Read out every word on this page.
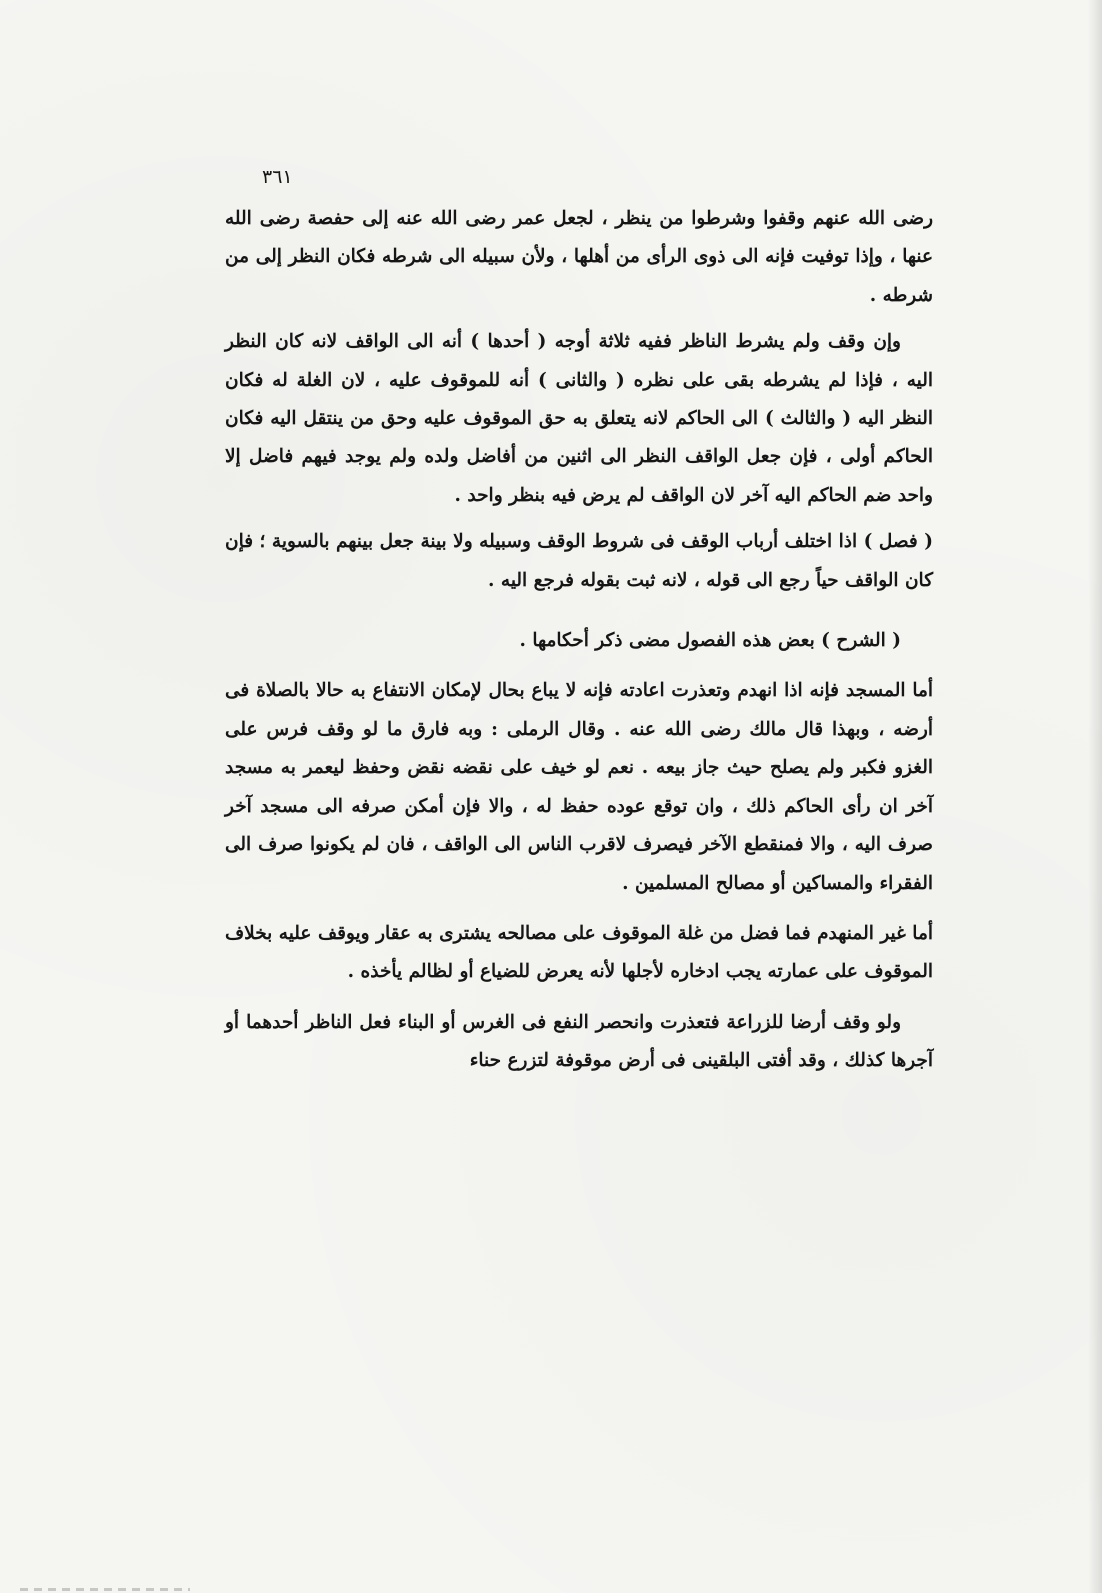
٣٦١

رضى الله عنهم وقفوا وشرطوا من ينظر ، لجعل عمر رضى الله عنه إلى حفصة رضى الله عنها ، وإذا توفيت فإنه الى ذوى الرأى من أهلها ، ولأن سبيله الى شرطه فكان النظر إلى من شرطه .

وإن وقف ولم يشرط الناظر ففيه ثلاثة أوجه ( أحدها ) أنه الى الواقف لانه كان النظر اليه ، فإذا لم يشرطه بقى على نظره ( والثانى ) أنه للموقوف عليه ، لان الغلة له فكان النظر اليه ( والثالث ) الى الحاكم لانه يتعلق به حق الموقوف عليه وحق من ينتقل اليه فكان الحاكم أولى ، فإن جعل الواقف النظر الى اثنين من أفاضل ولده ولم يوجد فيهم فاضل إلا واحد ضم الحاكم اليه آخر لان الواقف لم يرض فيه بنظر واحد .

( فصل ) اذا اختلف أرباب الوقف فى شروط الوقف وسبيله ولا بينة جعل بينهم بالسوية ؛ فإن كان الواقف حياً رجع الى قوله ، لانه ثبت بقوله فرجع اليه .

( الشرح ) بعض هذه الفصول مضى ذكر أحكامها .

أما المسجد فإنه اذا انهدم وتعذرت اعادته فإنه لا يباع بحال لإمكان الانتفاع به حالا بالصلاة فى أرضه ، وبهذا قال مالك رضى الله عنه . وقال الرملى : وبه فارق ما لو وقف فرس على الغزو فكبر ولم يصلح حيث جاز بيعه . نعم لو خيف على نقضه نقض وحفظ ليعمر به مسجد آخر ان رأى الحاكم ذلك ، وان توقع عوده حفظ له ، والا فإن أمكن صرفه الى مسجد آخر صرف اليه ، والا فمنقطع الآخر فيصرف لاقرب الناس الى الواقف ، فان لم يكونوا صرف الى الفقراء والمساكين أو مصالح المسلمين .

أما غير المنهدم فما فضل من غلة الموقوف على مصالحه يشترى به عقار ويوقف عليه بخلاف الموقوف على عمارته يجب ادخاره لأجلها لأنه يعرض للضياع أو لظالم يأخذه .

ولو وقف أرضا للزراعة فتعذرت وانحصر النفع فى الغرس أو البناء فعل الناظر أحدهما أو آجرها كذلك ، وقد أفتى البلقينى فى أرض موقوفة لتزرع حناء
